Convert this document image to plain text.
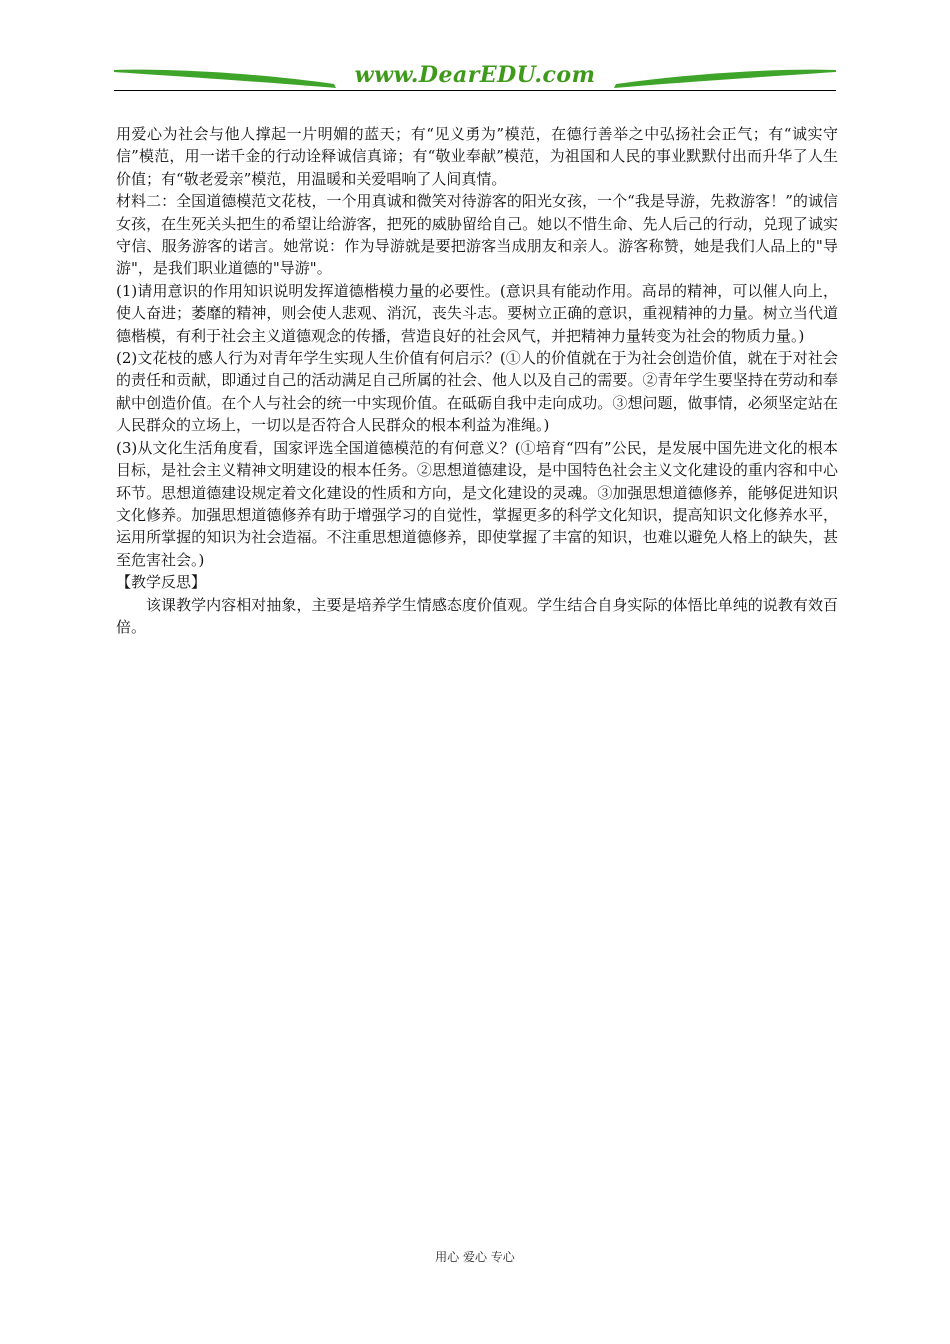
www.DearEDU.com

用爱心为社会与他人撑起一片明媚的蓝天；有“见义勇为”模范，在德行善举之中弘扬社会正气；有“诚实守信”模范，用一诺千金的行动诠释诚信真谛；有“敬业奉献”模范，为祖国和人民的事业默默付出而升华了人生价值；有“敬老爱亲”模范，用温暖和关爱唱响了人间真情。

材料二：全国道德模范文花枝，一个用真诚和微笑对待游客的阳光女孩，一个“我是导游，先救游客！”的诚信女孩，在生死关头把生的希望让给游客，把死的威胁留给自己。她以不惜生命、先人后己的行动，兑现了诚实守信、服务游客的诺言。她常说：作为导游就是要把游客当成朋友和亲人。游客称赞，她是我们人品上的"导游"，是我们职业道德的"导游"。

(1)请用意识的作用知识说明发挥道德楷模力量的必要性。(意识具有能动作用。高昂的精神，可以催人向上，使人奋进；萎靡的精神，则会使人悲观、消沉，丧失斗志。要树立正确的意识，重视精神的力量。树立当代道德楷模，有利于社会主义道德观念的传播，营造良好的社会风气，并把精神力量转变为社会的物质力量。)

(2)文花枝的感人行为对青年学生实现人生价值有何启示？(①人的价值就在于为社会创造价值，就在于对社会的责任和贡献，即通过自己的活动满足自己所属的社会、他人以及自己的需要。②青年学生要坚持在劳动和奉献中创造价值。在个人与社会的统一中实现价值。在砥砺自我中走向成功。③想问题，做事情，必须坚定站在人民群众的立场上，一切以是否符合人民群众的根本利益为准绳。)

(3)从文化生活角度看，国家评选全国道德模范的有何意义？(①培育“四有”公民，是发展中国先进文化的根本目标，是社会主义精神文明建设的根本任务。②思想道德建设，是中国特色社会主义文化建设的重内容和中心环节。思想道德建设规定着文化建设的性质和方向，是文化建设的灵魂。③加强思想道德修养，能够促进知识文化修养。加强思想道德修养有助于增强学习的自觉性，掌握更多的科学文化知识，提高知识文化修养水平，运用所掌握的知识为社会造福。不注重思想道德修养，即使掌握了丰富的知识，也难以避免人格上的缺失，甚至危害社会。)

【教学反思】

该课教学内容相对抽象，主要是培养学生情感态度价值观。学生结合自身实际的体悟比单纯的说教有效百倍。

用心 爱心 专心
